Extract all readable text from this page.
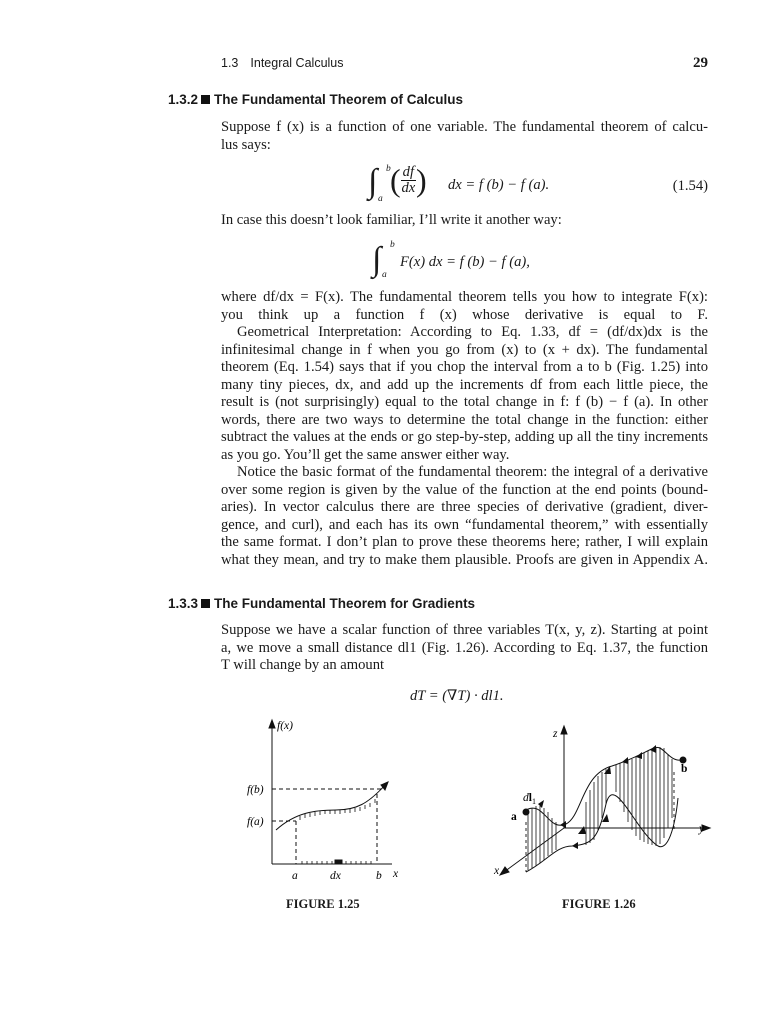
1.3 Integral Calculus	29
1.3.2 The Fundamental Theorem of Calculus
Suppose f (x) is a function of one variable. The fundamental theorem of calcu-
lus says:
∫ b
a
( $\frac{df}{dx}$ ) dx = f (b) − f (a).	(1.54)
In case this doesn’t look familiar, I’ll write it another way:
∫ b
a
F(x) dx = f (b) − f (a),
where df/dx = F(x). The fundamental theorem tells you how to integrate F(x):
you think up a function f (x) whose derivative is equal to F.
Geometrical Interpretation: According to Eq. 1.33, df = (df/dx)dx is the
infinitesimal change in f when you go from (x) to (x + dx). The fundamental
theorem (Eq. 1.54) says that if you chop the interval from a to b (Fig. 1.25) into
many tiny pieces, dx, and add up the increments df from each little piece, the
result is (not surprisingly) equal to the total change in f: f (b) − f (a). In other
words, there are two ways to determine the total change in the function: either
subtract the values at the ends or go step-by-step, adding up all the tiny increments
as you go. You’ll get the same answer either way.
Notice the basic format of the fundamental theorem: the integral of a derivative
over some region is given by the value of the function at the end points (bound-
aries). In vector calculus there are three species of derivative (gradient, diver-
gence, and curl), and each has its own “fundamental theorem,” with essentially
the same format. I don’t plan to prove these theorems here; rather, I will explain
what they mean, and try to make them plausible. Proofs are given in Appendix A.
1.3.3 The Fundamental Theorem for Gradients
Suppose we have a scalar function of three variables T(x, y, z). Starting at point
a, we move a small distance dl1 (Fig. 1.26). According to Eq. 1.37, the function
T will change by an amount
dT = (∇T) · dl1.
f(x)
f(b)
f(a)
a	dx	b x
FIGURE 1.25
z
y
x
a
b
$dl_1$
FIGURE 1.26
